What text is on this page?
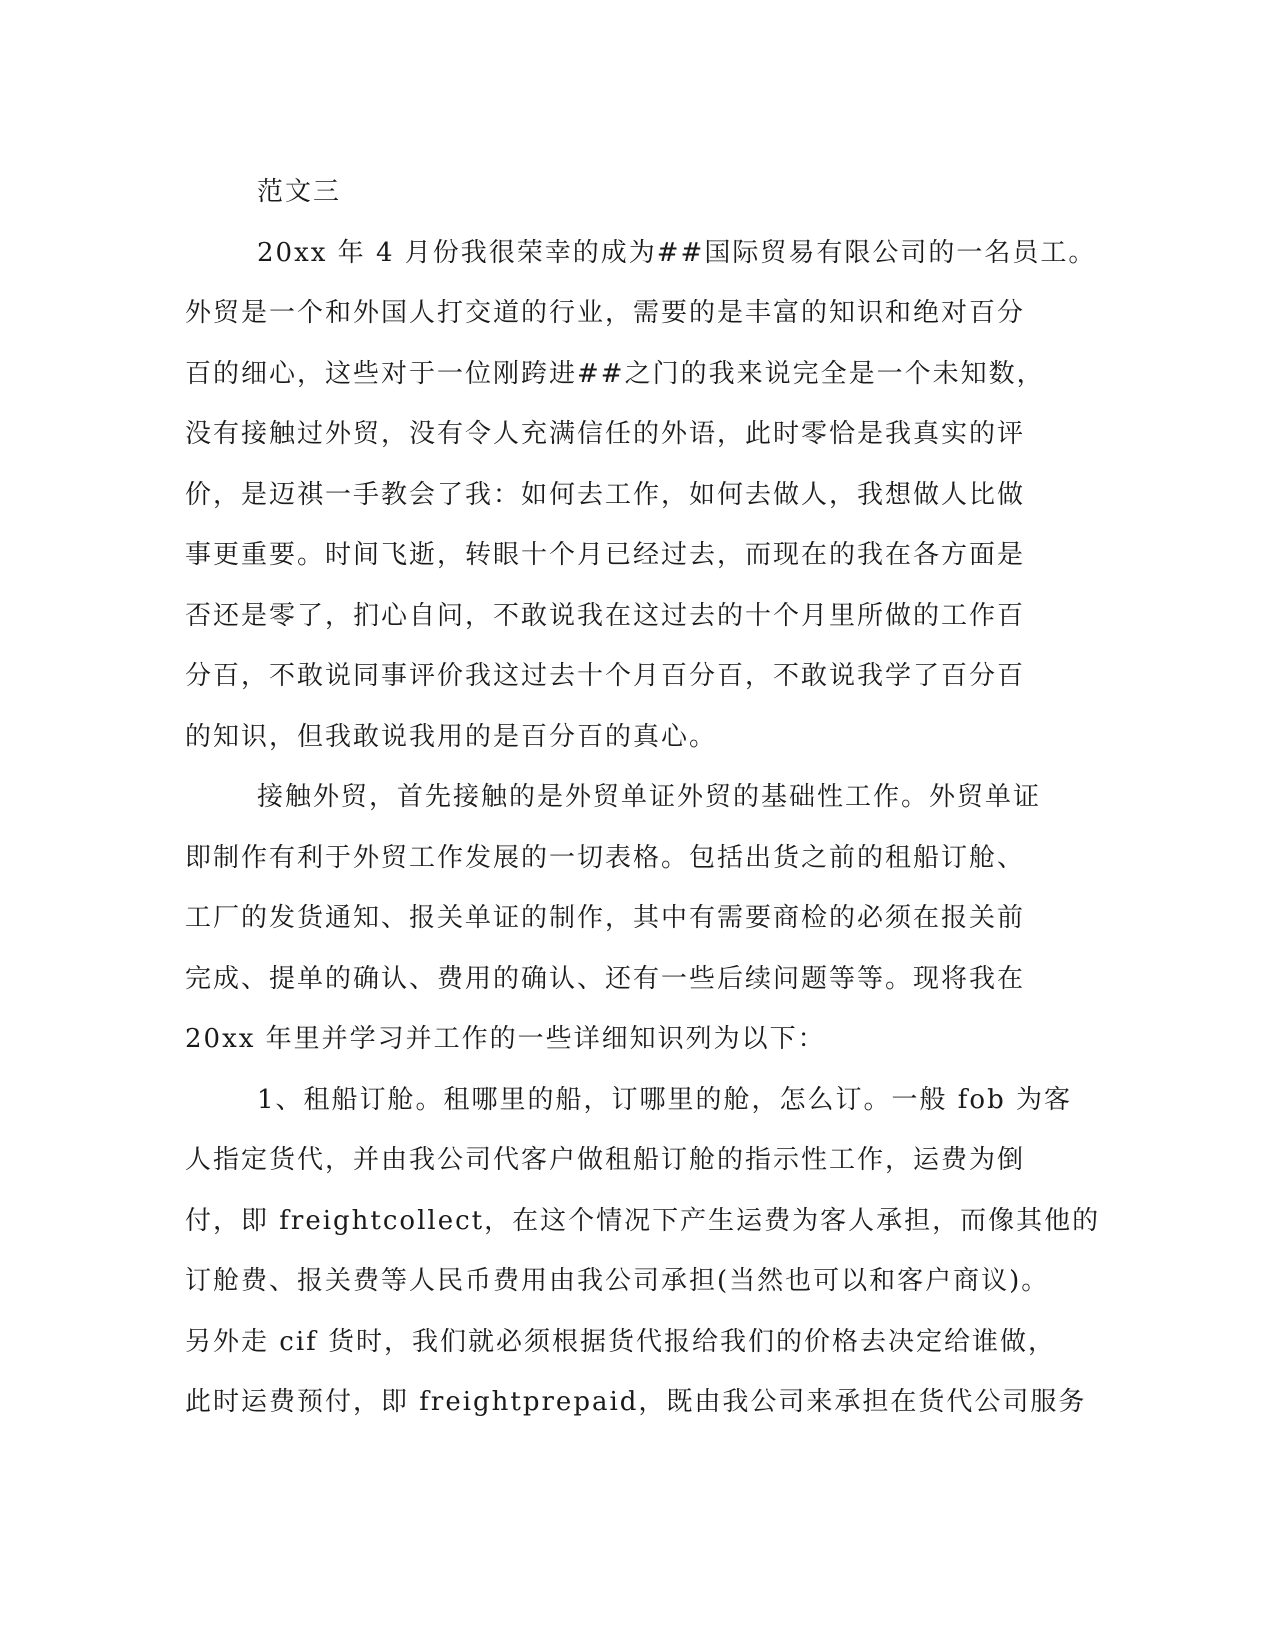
范文三
20xx 年 4 月份我很荣幸的成为##国际贸易有限公司的一名员工。
外贸是一个和外国人打交道的行业，需要的是丰富的知识和绝对百分
百的细心，这些对于一位刚跨进##之门的我来说完全是一个未知数，
没有接触过外贸，没有令人充满信任的外语，此时零恰是我真实的评
价，是迈祺一手教会了我：如何去工作，如何去做人，我想做人比做
事更重要。时间飞逝，转眼十个月已经过去，而现在的我在各方面是
否还是零了，扪心自问，不敢说我在这过去的十个月里所做的工作百
分百，不敢说同事评价我这过去十个月百分百，不敢说我学了百分百
的知识，但我敢说我用的是百分百的真心。
接触外贸，首先接触的是外贸单证外贸的基础性工作。外贸单证
即制作有利于外贸工作发展的一切表格。包括出货之前的租船订舱、
工厂的发货通知、报关单证的制作，其中有需要商检的必须在报关前
完成、提单的确认、费用的确认、还有一些后续问题等等。现将我在
20xx 年里并学习并工作的一些详细知识列为以下：
1、租船订舱。租哪里的船，订哪里的舱，怎么订。一般 fob 为客
人指定货代，并由我公司代客户做租船订舱的指示性工作，运费为倒
付，即 freightcollect，在这个情况下产生运费为客人承担，而像其他的
订舱费、报关费等人民币费用由我公司承担(当然也可以和客户商议)。
另外走 cif 货时，我们就必须根据货代报给我们的价格去决定给谁做，
此时运费预付，即 freightprepaid，既由我公司来承担在货代公司服务
